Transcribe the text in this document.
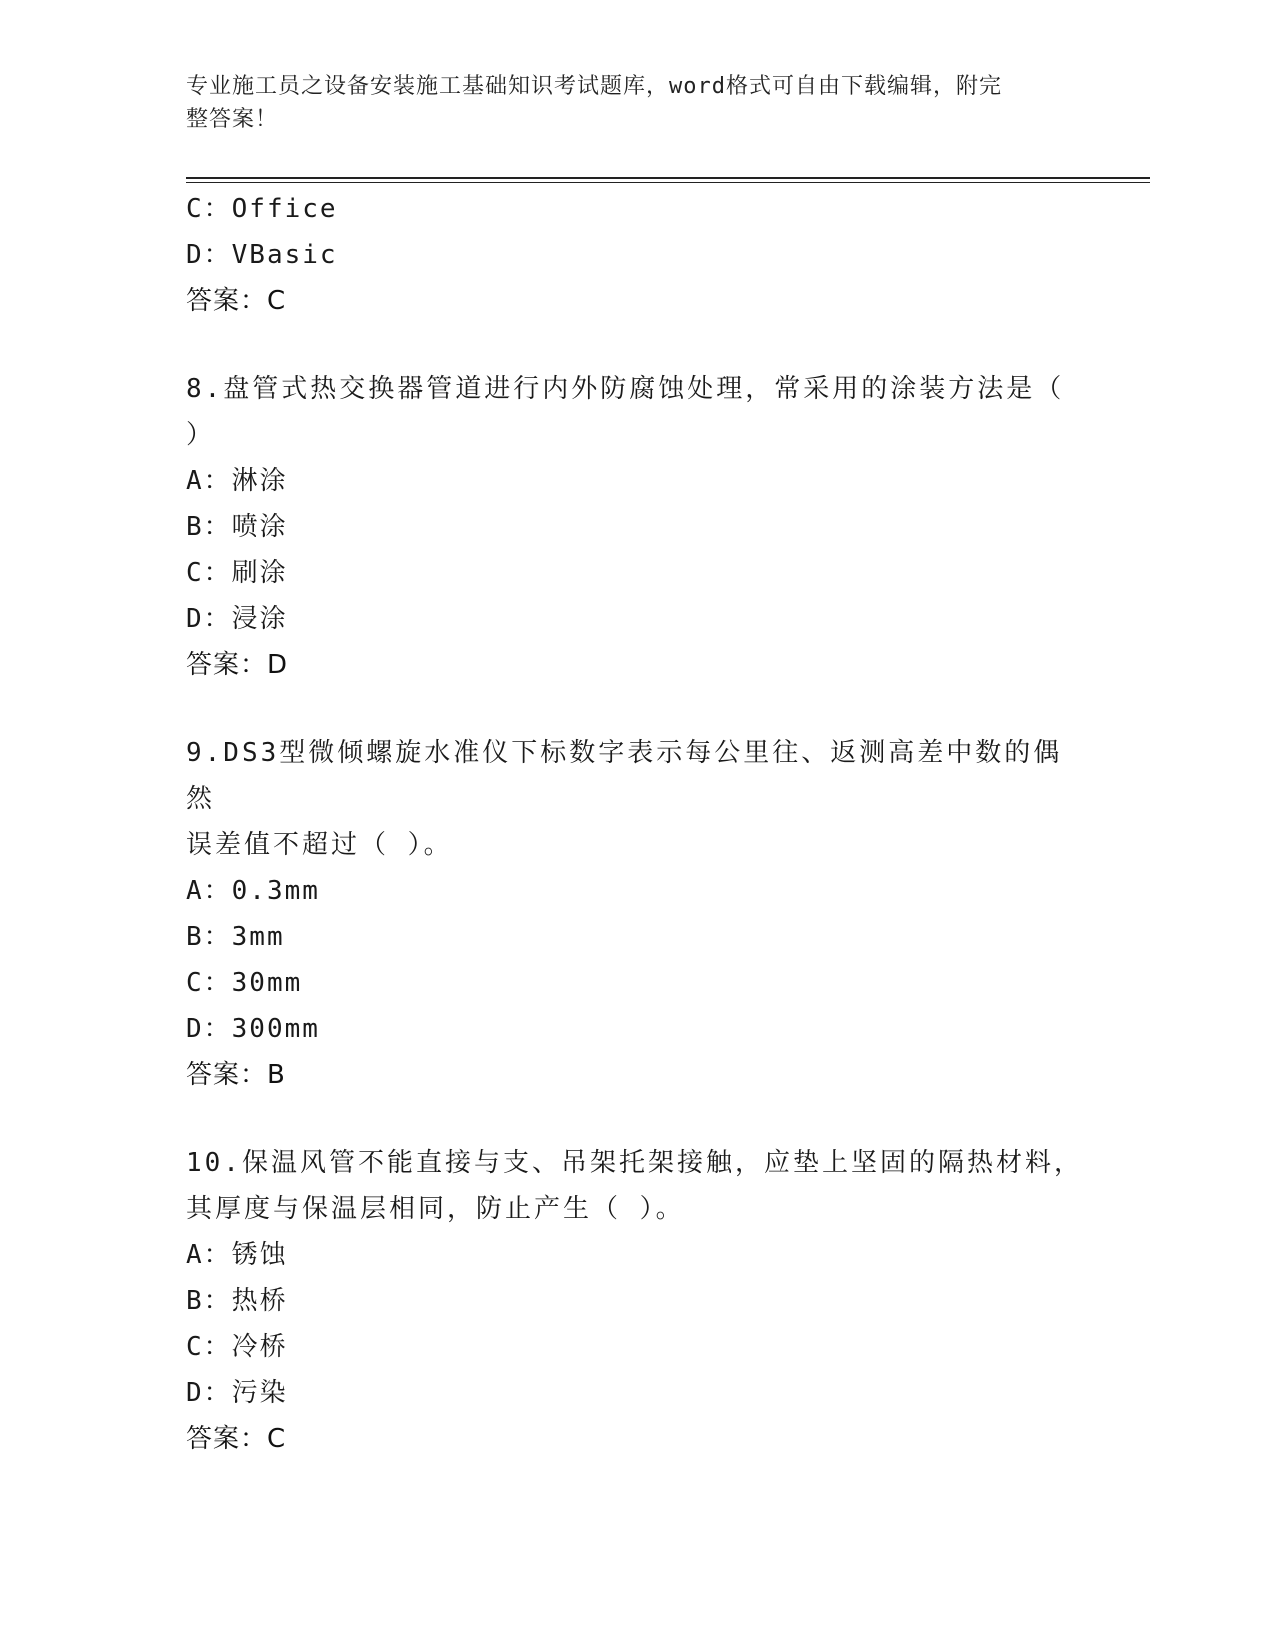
专业施工员之设备安装施工基础知识考试题库，word格式可自由下载编辑，附完
整答案！
C：Office
D：VBasic
答案：C
8.盘管式热交换器管道进行内外防腐蚀处理，常采用的涂装方法是（
）
A：淋涂
B：喷涂
C：刷涂
D：浸涂
答案：D
9.DS3型微倾螺旋水准仪下标数字表示每公里往、返测高差中数的偶然
误差值不超过（ ）。
A：0.3mm
B：3mm
C：30mm
D：300mm
答案：B
10.保温风管不能直接与支、吊架托架接触，应垫上坚固的隔热材料，
其厚度与保温层相同，防止产生（ ）。
A：锈蚀
B：热桥
C：冷桥
D：污染
答案：C
